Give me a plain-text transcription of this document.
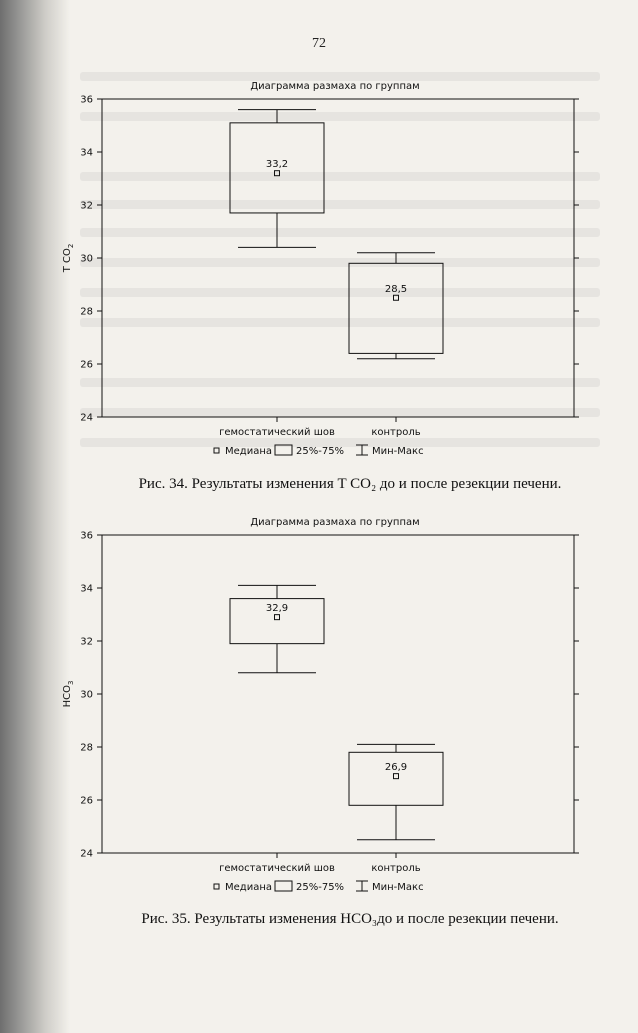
72
Диаграмма размаха по группам
T $CO_2$
24
26
28
30
32
34
36
33,2
28,5
гемостатический шов	контроль
Медиана 25%-75%	Мин-Макс
Рис. 34. Результаты изменения T CO₂ до и после резекции печени.
Диаграмма размаха по группам
$HCO_3$
24
26
28
30
32
34
36
32,9
26,9
гемостатический шов	контроль
Медиана 25%-75%	Мин-Макс
Рис. 35. Результаты изменения HCO₃до и после резекции печени.
